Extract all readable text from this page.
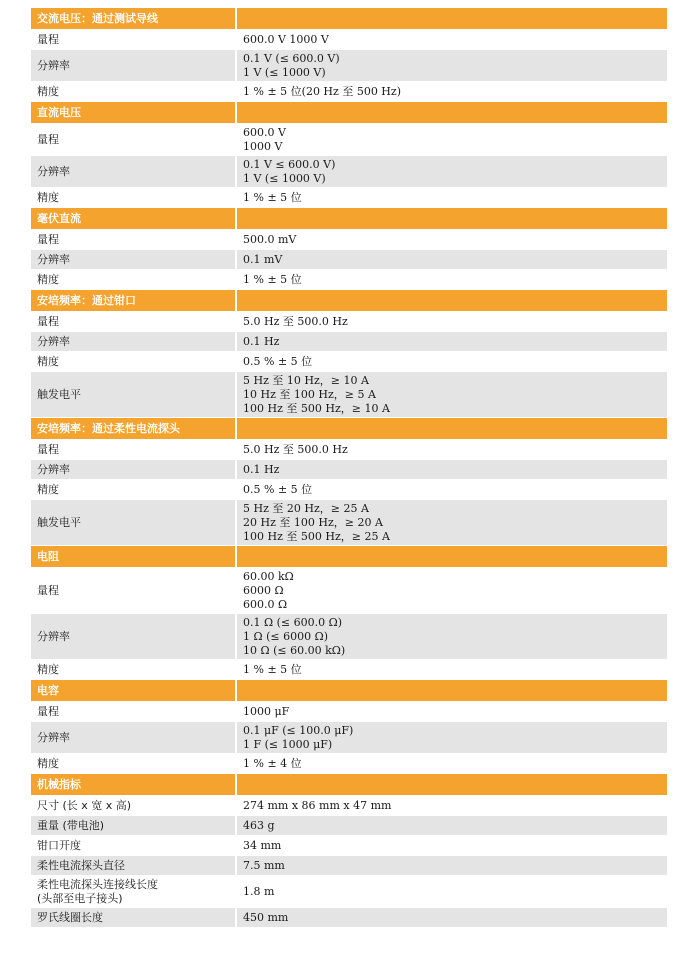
交流电压：通过测试导线	
量程	600.0 V 1000 V
分辨率	0.1 V (≤ 600.0 V)
1 V (≤ 1000 V)
精度	1 % ± 5 位(20 Hz 至 500 Hz)
直流电压	
量程	600.0 V
1000 V
分辨率	0.1 V ≤ 600.0 V)
1 V (≤ 1000 V)
精度	1 % ± 5 位
毫伏直流	
量程	500.0 mV
分辨率	0.1 mV
精度	1 % ± 5 位
安培频率：通过钳口	
量程	5.0 Hz 至 500.0 Hz
分辨率	0.1 Hz
精度	0.5 % ± 5 位
触发电平	5 Hz 至 10 Hz，≥ 10 A
10 Hz 至 100 Hz，≥ 5 A
100 Hz 至 500 Hz，≥ 10 A
安培频率：通过柔性电流探头	
量程	5.0 Hz 至 500.0 Hz
分辨率	0.1 Hz
精度	0.5 % ± 5 位
触发电平	5 Hz 至 20 Hz，≥ 25 A
20 Hz 至 100 Hz，≥ 20 A
100 Hz 至 500 Hz，≥ 25 A
电阻	
量程	60.00 kΩ
6000 Ω
600.0 Ω
分辨率	0.1 Ω (≤ 600.0 Ω)
1 Ω (≤ 6000 Ω)
10 Ω (≤ 60.00 kΩ)
精度	1 % ± 5 位
电容	
量程	1000 μF
分辨率	0.1 μF (≤ 100.0 μF)
1 F (≤ 1000 μF)
精度	1 % ± 4 位
机械指标	
尺寸 (长 x 宽 x 高)	274 mm x 86 mm x 47 mm
重量 (带电池)	463 g
钳口开度	34 mm
柔性电流探头直径	7.5 mm
柔性电流探头连接线长度
(头部至电子接头)	1.8 m
罗氏线圈长度	450 mm
